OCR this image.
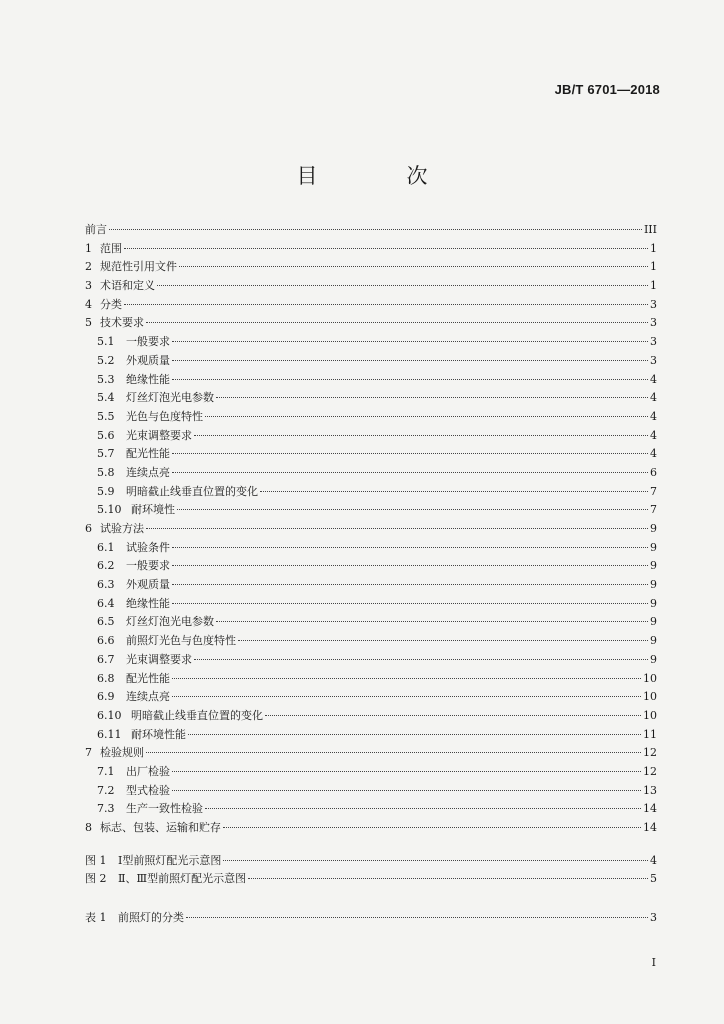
JB/T 6701—2018
目　次
前言	III
1 范围	1
2 规范性引用文件	1
3 术语和定义	1
4 分类	3
5 技术要求	3
5.1	一般要求	3
5.2	外观质量	3
5.3	绝缘性能	4
5.4	灯丝灯泡光电参数	4
5.5	光色与色度特性	4
5.6	光束调整要求	4
5.7	配光性能	4
5.8	连续点亮	6
5.9	明暗截止线垂直位置的变化	7
5.10 耐环境性	7
6 试验方法	9
6.1	试验条件	9
6.2	一般要求	9
6.3	外观质量	9
6.4	绝缘性能	9
6.5	灯丝灯泡光电参数	9
6.6	前照灯光色与色度特性	9
6.7	光束调整要求	9
6.8	配光性能	10
6.9	连续点亮	10
6.10 明暗截止线垂直位置的变化	10
6.11 耐环境性能	11
7 检验规则	12
7.1	出厂检验	12
7.2	型式检验	13
7.3	生产一致性检验	14
8 标志、包装、运输和贮存	14
图 1	Ⅰ型前照灯配光示意图	4
图 2	Ⅱ、Ⅲ型前照灯配光示意图	5
表 1	前照灯的分类	3
I
